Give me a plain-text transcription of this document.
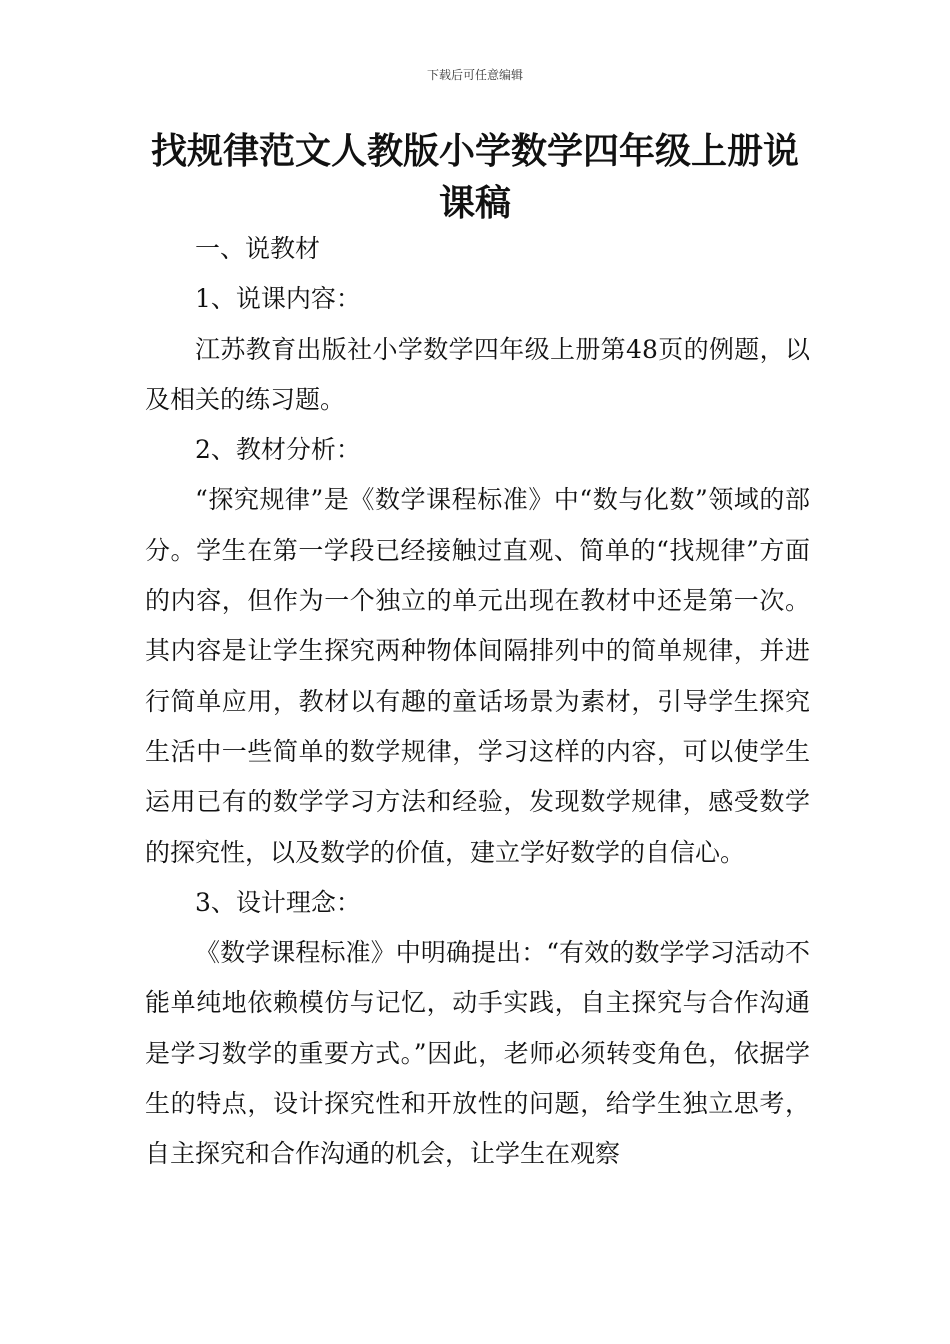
下载后可任意编辑
找规律范文人教版小学数学四年级上册说课稿

一、说教材

1、说课内容：

江苏教育出版社小学数学四年级上册第48页的例题，以及相关的练习题。

2、教材分析：

“探究规律”是《数学课程标准》中“数与化数”领域的部分。学生在第一学段已经接触过直观、简单的“找规律”方面的内容，但作为一个独立的单元出现在教材中还是第一次。其内容是让学生探究两种物体间隔排列中的简单规律，并进行简单应用，教材以有趣的童话场景为素材，引导学生探究生活中一些简单的数学规律，学习这样的内容，可以使学生运用已有的数学学习方法和经验，发现数学规律，感受数学的探究性，以及数学的价值，建立学好数学的自信心。

3、设计理念：

《数学课程标准》中明确提出：“有效的数学学习活动不能单纯地依赖模仿与记忆，动手实践，自主探究与合作沟通是学习数学的重要方式。”因此，老师必须转变角色，依据学生的特点，设计探究性和开放性的问题，给学生独立思考，自主探究和合作沟通的机会，让学生在观察
